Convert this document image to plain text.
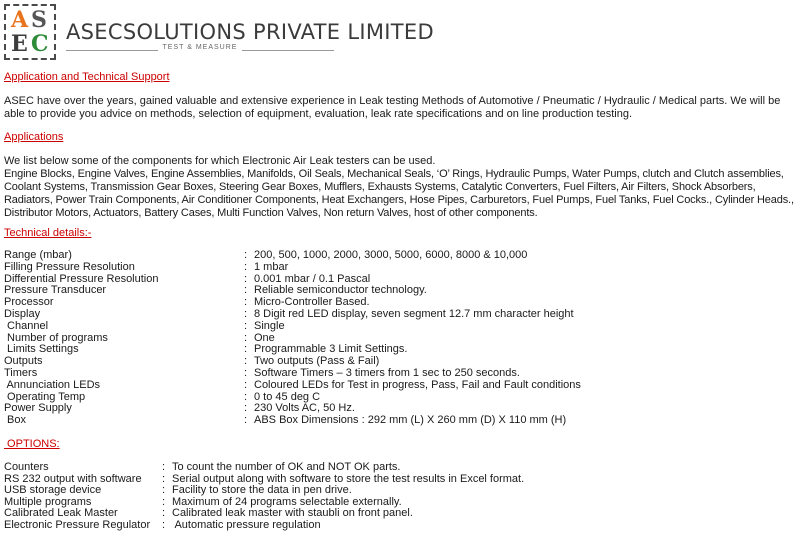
A S
E C ASECSOLUTIONS PRIVATE LIMITED
TEST & MEASURE
Application and Technical Support

ASEC have over the years, gained valuable and extensive experience in Leak testing Methods of Automotive / Pneumatic / Hydraulic / Medical parts. We will be able to provide you advice on methods, selection of equipment, evaluation, leak rate specifications and on line production testing.

Applications
We list below some of the components for which Electronic Air Leak testers can be used.
Engine Blocks, Engine Valves, Engine Assemblies, Manifolds, Oil Seals, Mechanical Seals, ‘O’ Rings, Hydraulic Pumps, Water Pumps, clutch and Clutch assemblies,
Coolant Systems, Transmission Gear Boxes, Steering Gear Boxes, Mufflers, Exhausts Systems, Catalytic Converters, Fuel Filters, Air Filters, Shock Absorbers,
Radiators, Power Train Components, Air Conditioner Components, Heat Exchangers, Hose Pipes, Carburetors, Fuel Pumps, Fuel Tanks, Fuel Cocks., Cylinder Heads.,
Distributor Motors, Actuators, Battery Cases, Multi Function Valves, Non return Valves, host of other components.
Technical details:-
Range (mbar)	: 200, 500, 1000, 2000, 3000, 5000, 6000, 8000 & 10,000
Filling Pressure Resolution	: 1 mbar
Differential Pressure Resolution	: 0.001 mbar / 0.1 Pascal
Pressure Transducer	: Reliable semiconductor technology.
Processor	: Micro-Controller Based.
Display	: 8 Digit red LED display, seven segment 12.7 mm character height
Channel	: Single
Number of programs	: One
Limits Settings	: Programmable 3 Limit Settings.
Outputs	: Two outputs (Pass & Fail)
Timers	: Software Timers – 3 timers from 1 sec to 250 seconds.
Annunciation LEDs	: Coloured LEDs for Test in progress, Pass, Fail and Fault conditions
Operating Temp	: 0 to 45 deg C
Power Supply	: 230 Volts AC, 50 Hz.
Box	: ABS Box Dimensions : 292 mm (L) X 260 mm (D) X 110 mm (H)
OPTIONS:
Counters	: To count the number of OK and NOT OK parts.
RS 232 output with software : Serial output along with software to store the test results in Excel format.
USB storage device	: Facility to store the data in pen drive.
Multiple programs	: Maximum of 24 programs selectable externally.
Calibrated Leak Master	: Calibrated leak master with staubli on front panel.
Electronic Pressure Regulator : Automatic pressure regulation
